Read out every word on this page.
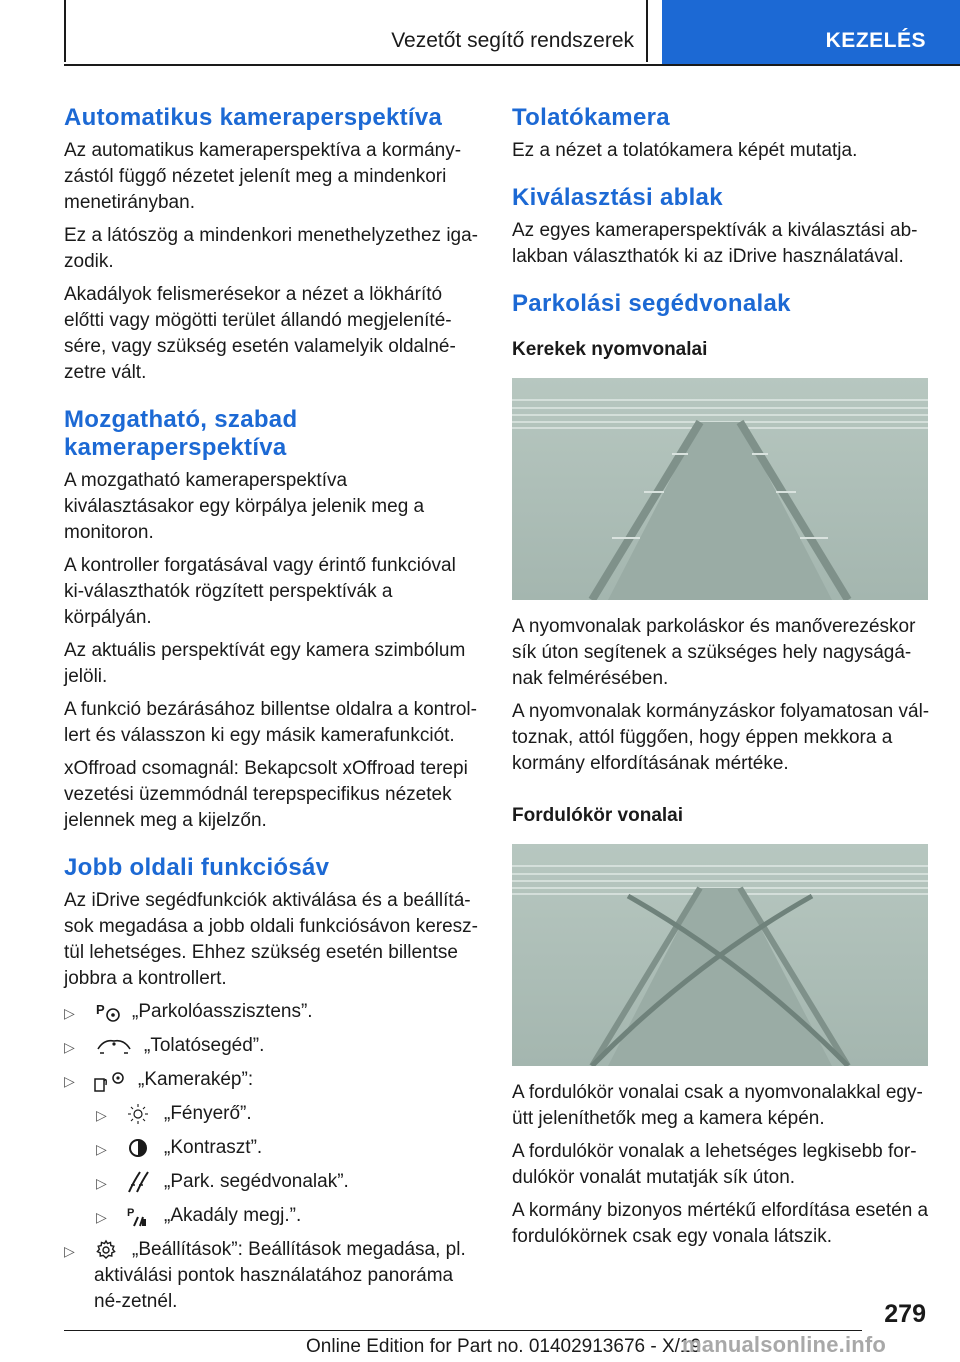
Vezetőt segítő rendszerek	KEZELÉS
Automatikus kameraperspektíva

Az automatikus kameraperspektíva a kormány-zástól függő nézetet jelenít meg a mindenkori menetirányban.

Ez a látószög a mindenkori menethelyzethez iga-zodik.

Akadályok felismerésekor a nézet a lökhárító előtti vagy mögötti terület állandó megjeleníté-sére, vagy szükség esetén valamelyik oldalné-zetre vált.

Mozgatható, szabad kameraperspektíva

A mozgatható kameraperspektíva kiválasztásakor egy körpálya jelenik meg a monitoron.

A kontroller forgatásával vagy érintő funkcióval ki-választhatók rögzített perspektívák a körpályán.

Az aktuális perspektívát egy kamera szimbólum jelöli.

A funkció bezárásához billentse oldalra a kontrol-lert és válasszon ki egy másik kamerafunkciót.

xOffroad csomagnál: Bekapcsolt xOffroad terepi vezetési üzemmódnál terepspecifikus nézetek jelennek meg a kijelzőn.

Jobb oldali funkciósáv

Az iDrive segédfunkciók aktiválása és a beállítá-sok megadása a jobb oldali funkciósávon keresz-tül lehetséges. Ehhez szükség esetén billentse jobbra a kontrollert.

▷ P „Parkolóasszisztens”.
▷	„Tolatósegéd”.
▷	„Kamerakép”:
▷	„Fényerő”.
▷	„Kontraszt”.
▷	„Park. segédvonalak”.
▷ P „Akadály megj.”.
▷	„Beállítások”: Beállítások megadása, pl. aktiválási pontok használatához panoráma né-zetnél.
Tolatókamera

Ez a nézet a tolatókamera képét mutatja.

Kiválasztási ablak

Az egyes kameraperspektívák a kiválasztási ab-lakban választhatók ki az iDrive használatával.

Parkolási segédvonalak
Kerekek nyomvonalai

A nyomvonalak parkoláskor és manőverezéskor sík úton segítenek a szükséges hely nagyságá-nak felmérésében.

A nyomvonalak kormányzáskor folyamatosan vál-toznak, attól függően, hogy éppen mekkora a kormány elfordításának mértéke.

Fordulókör vonalai

A fordulókör vonalai csak a nyomvonalakkal egy-ütt jeleníthetők meg a kamera képén.

A fordulókör vonalak a lehetséges legkisebb for-dulókör vonalát mutatják sík úton.

A kormány bizonyos mértékű elfordítása esetén a fordulókörnek csak egy vonala látszik.

279
Online Edition for Part no. 01402913676 - X/19
manualsonline.info
